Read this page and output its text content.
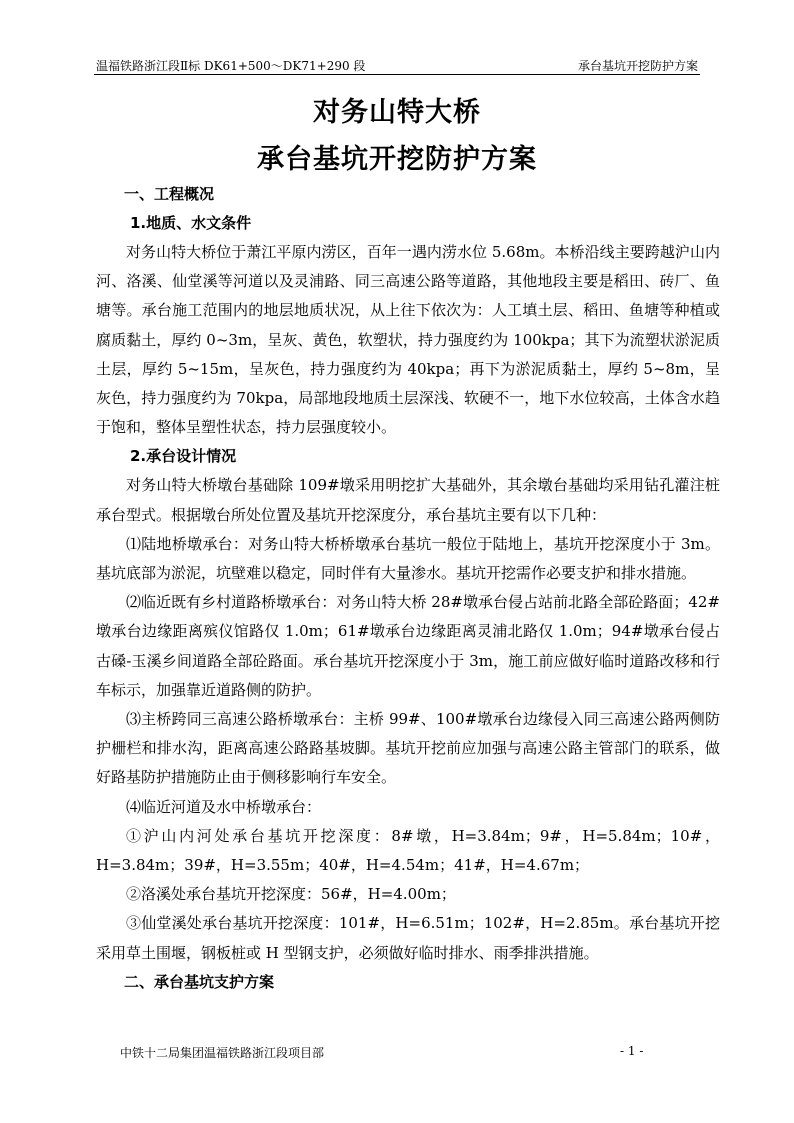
温福铁路浙江段Ⅱ标 DK61+500～DK71+290 段	承台基坑开挖防护方案
对务山特大桥
承台基坑开挖防护方案
一、工程概况
1.地质、水文条件

对务山特大桥位于萧江平原内涝区，百年一遇内涝水位 5.68m。本桥沿线主要跨越沪山内河、洛溪、仙堂溪等河道以及灵浦路、同三高速公路等道路，其他地段主要是稻田、砖厂、鱼塘等。承台施工范围内的地层地质状况，从上往下依次为：人工填土层、稻田、鱼塘等种植或腐质黏土，厚约 0~3m，呈灰、黄色，软塑状，持力强度约为 100kpa；其下为流塑状淤泥质土层，厚约 5~15m，呈灰色，持力强度约为 40kpa；再下为淤泥质黏土，厚约 5~8m，呈灰色，持力强度约为 70kpa，局部地段地质土层深浅、软硬不一，地下水位较高，土体含水趋于饱和，整体呈塑性状态，持力层强度较小。

2.承台设计情况

对务山特大桥墩台基础除 109#墩采用明挖扩大基础外，其余墩台基础均采用钻孔灌注桩承台型式。根据墩台所处位置及基坑开挖深度分，承台基坑主要有以下几种：

⑴陆地桥墩承台：对务山特大桥桥墩承台基坑一般位于陆地上，基坑开挖深度小于 3m。基坑底部为淤泥，坑壁难以稳定，同时伴有大量渗水。基坑开挖需作必要支护和排水措施。

⑵临近既有乡村道路桥墩承台：对务山特大桥 28#墩承台侵占站前北路全部砼路面；42#墩承台边缘距离殡仪馆路仅 1.0m；61#墩承台边缘距离灵浦北路仅 1.0m；94#墩承台侵占古磉-玉溪乡间道路全部砼路面。承台基坑开挖深度小于 3m，施工前应做好临时道路改移和行车标示，加强靠近道路侧的防护。

⑶主桥跨同三高速公路桥墩承台：主桥 99#、100#墩承台边缘侵入同三高速公路两侧防护栅栏和排水沟，距离高速公路路基坡脚。基坑开挖前应加强与高速公路主管部门的联系，做好路基防护措施防止由于侧移影响行车安全。

⑷临近河道及水中桥墩承台：

①沪山内河处承台基坑开挖深度：8#墩，H=3.84m；9#，H=5.84m；10#，H=3.84m；39#，H=3.55m；40#，H=4.54m；41#，H=4.67m；

②洛溪处承台基坑开挖深度：56#，H=4.00m；

③仙堂溪处承台基坑开挖深度：101#，H=6.51m；102#，H=2.85m。承台基坑开挖采用草土围堰，钢板桩或 H 型钢支护，必须做好临时排水、雨季排洪措施。

二、承台基坑支护方案
中铁十二局集团温福铁路浙江段项目部	- 1 -
